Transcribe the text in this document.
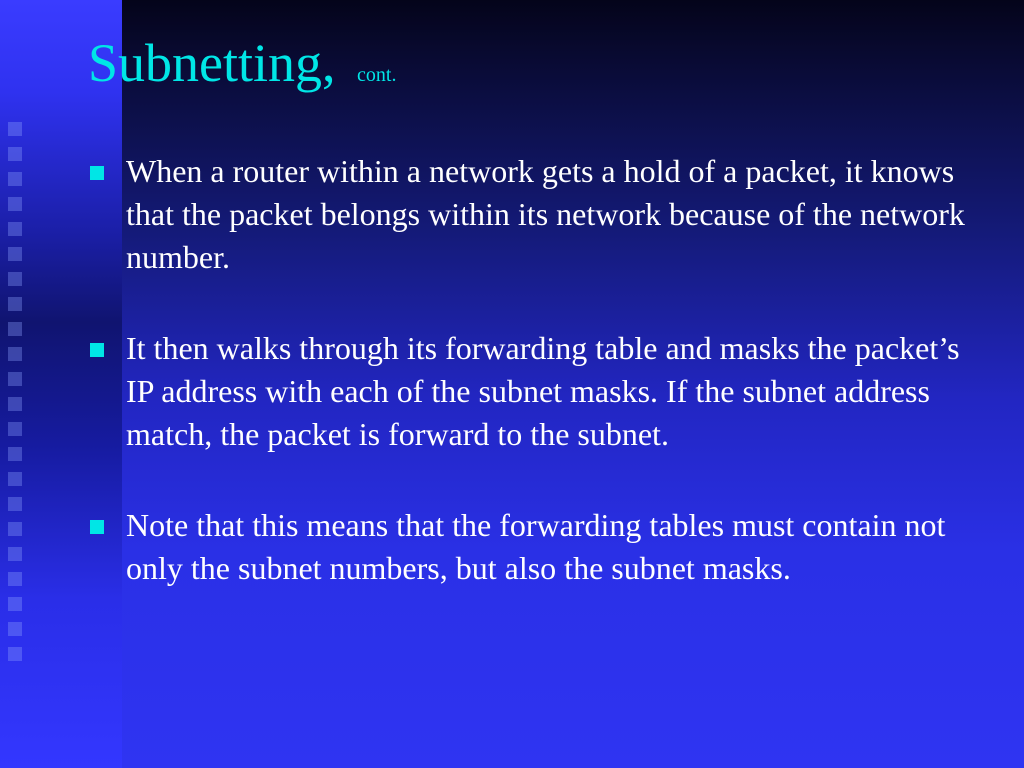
Subnetting, cont.
When a router within a network gets a hold of a packet, it knows that the packet belongs within its network because of the network number.
It then walks through its forwarding table and masks the packet’s IP address with each of the subnet masks. If the subnet address match, the packet is forward to the subnet.
Note that this means that the forwarding tables must contain not only the subnet numbers, but also the subnet masks.
